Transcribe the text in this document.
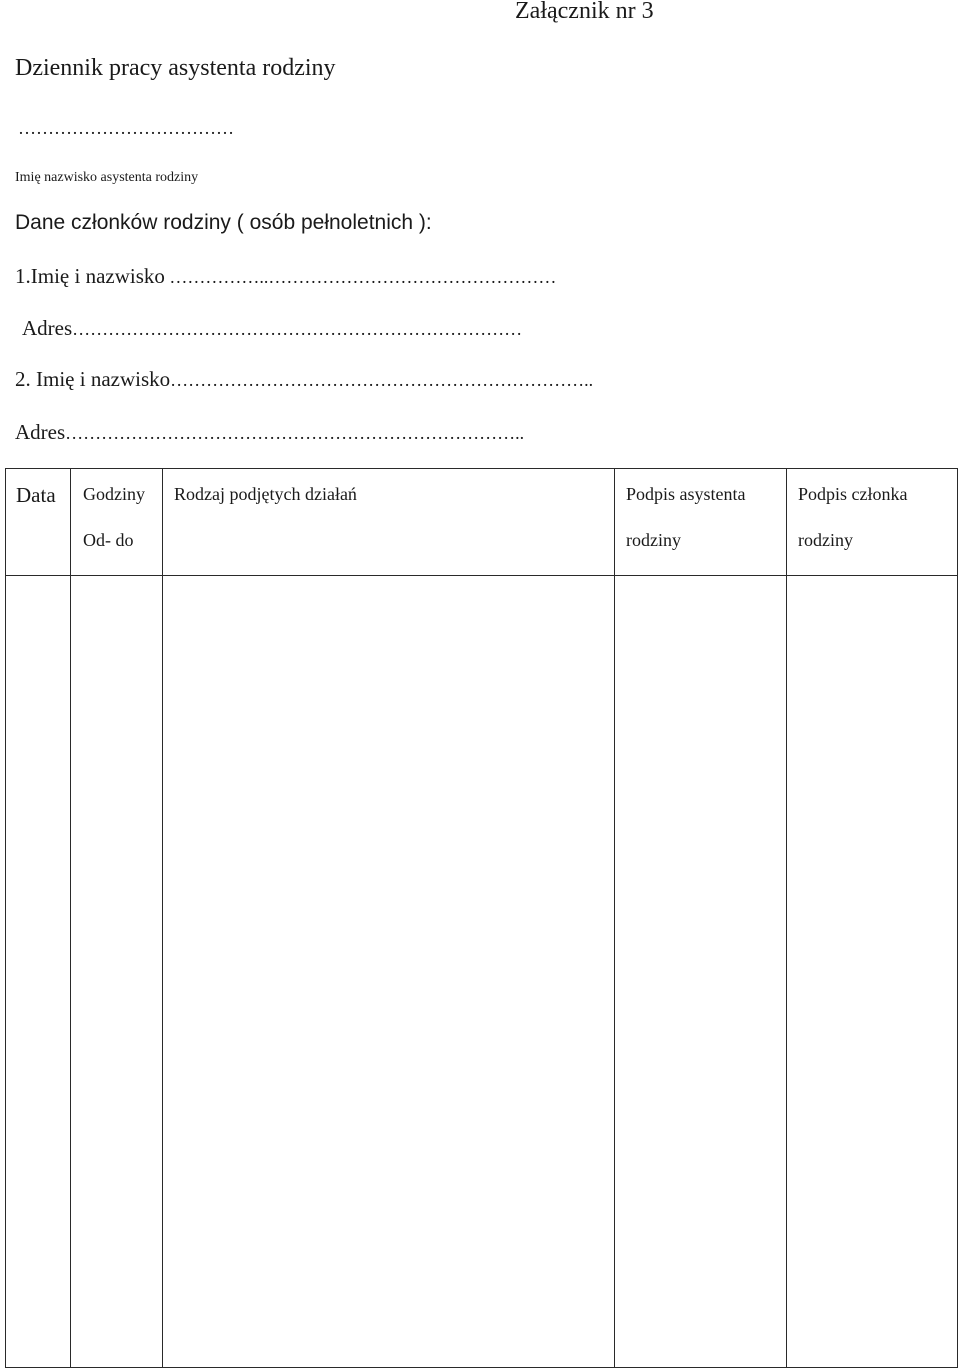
Załącznik nr 3
Dziennik pracy asystenta rodziny
………………………………
Imię nazwisko asystenta rodziny
Dane członków rodziny ( osób pełnoletnich ):
1.Imię i nazwisko ……………..…………………………………………
Adres…………………………………………………………………
2. Imię i nazwisko……………………………………………………………..
Adres…………………………………………………………………..
Data Godziny
Od- do
Rodzaj podjętych działań	Podpis asystenta
rodziny
Podpis członka
rodziny
